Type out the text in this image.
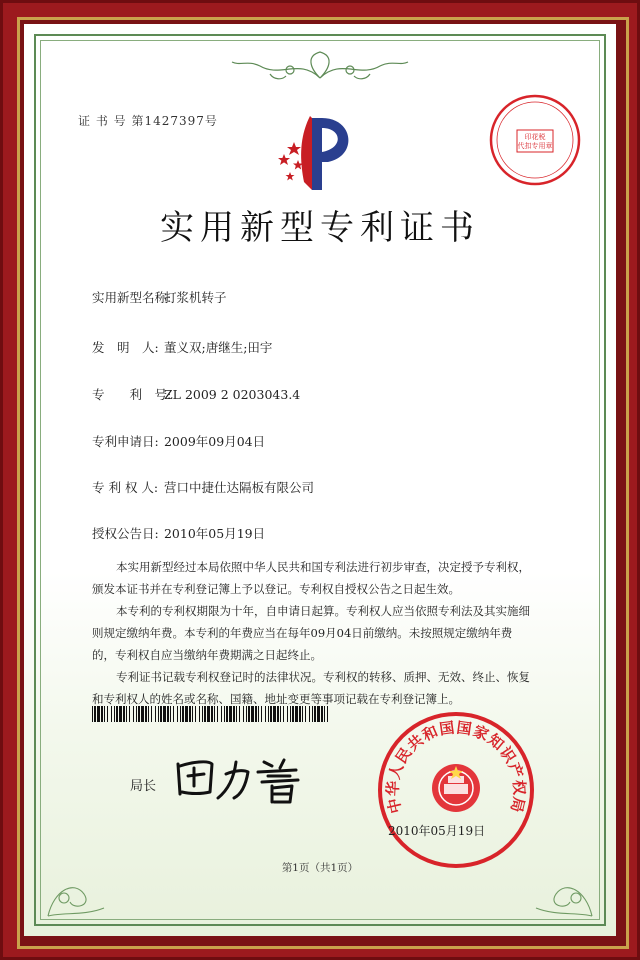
证 书 号 第1427397号
印花税
代扣专用章
实用新型专利证书
实用新型名称: 打浆机转子
发　明　人: 董义双;唐继生;田宇
专　　利　号: ZL 2009 2 0203043.4
专利申请日: 2009年09月04日
专 利 权 人: 营口中捷仕达隔板有限公司
授权公告日: 2010年05月19日

本实用新型经过本局依照中华人民共和国专利法进行初步审查，决定授予专利权，颁发本证书并在专利登记簿上予以登记。专利权自授权公告之日起生效。

本专利的专利权期限为十年，自申请日起算。专利权人应当依照专利法及其实施细则规定缴纳年费。本专利的年费应当在每年09月04日前缴纳。未按照规定缴纳年费的，专利权自应当缴纳年费期满之日起终止。

专利证书记载专利权登记时的法律状况。专利权的转移、质押、无效、终止、恢复和专利权人的姓名或名称、国籍、地址变更等事项记载在专利登记簿上。

局长
中华人民共和国国家知识产权局
2010年05月19日
第1页（共1页）
